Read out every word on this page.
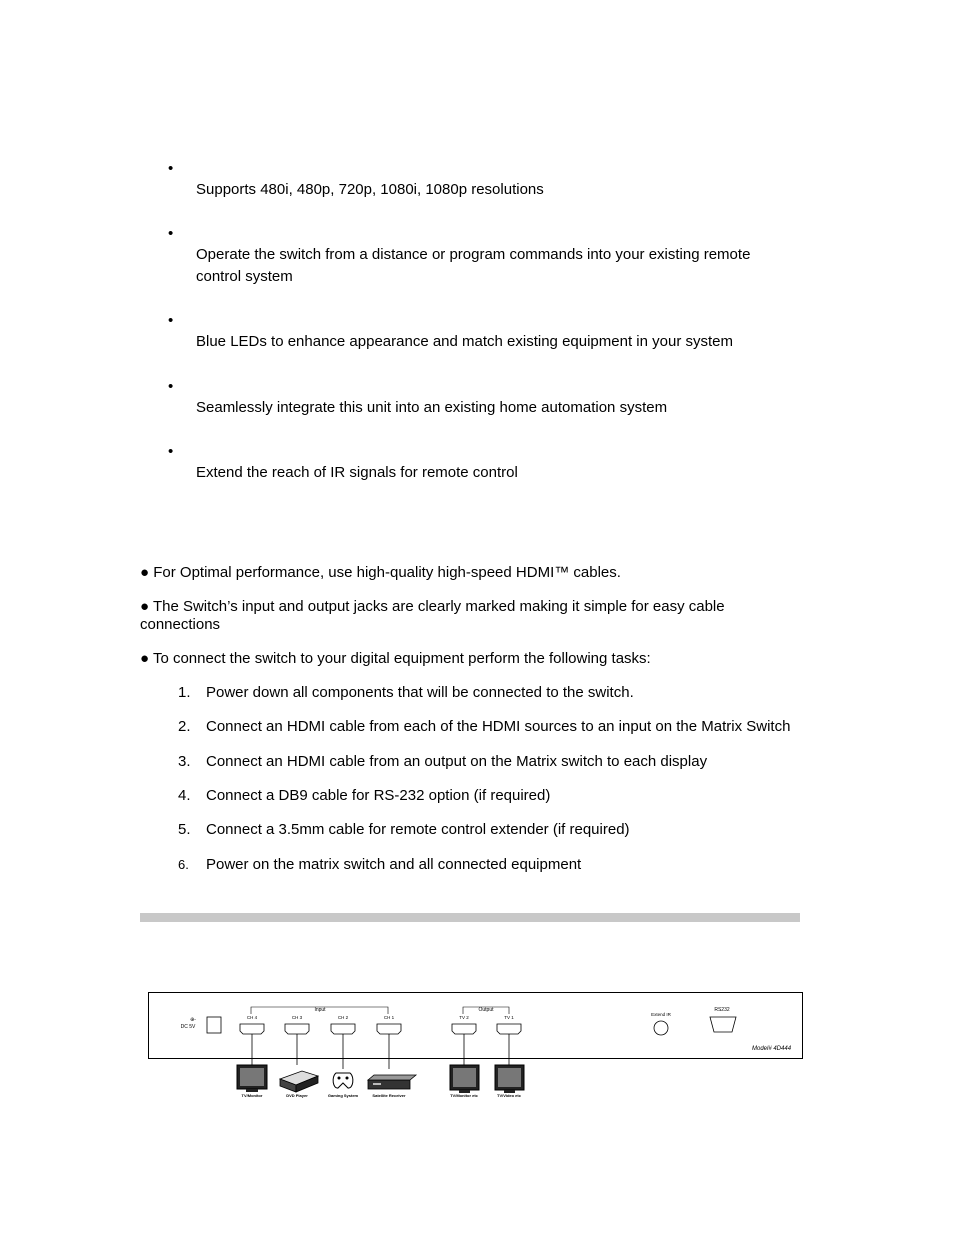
•
Supports 480i, 480p, 720p, 1080i, 1080p resolutions
•
Operate the switch from a distance or program commands into your existing remote control system
•
Blue LEDs to enhance appearance and match existing equipment in your system
•
Seamlessly integrate this unit into an existing home automation system
•
Extend the reach of IR signals for remote control
● For Optimal performance, use high-quality high-speed HDMI™ cables.
● The Switch’s input and output jacks are clearly marked making it simple for easy cable connections
● To connect the switch to your digital equipment perform the following tasks:
1. Power down all components that will be connected to the switch.
2. Connect an HDMI cable from each of the HDMI sources to an input on the Matrix Switch
3. Connect an HDMI cable from an output on the Matrix switch to each display
4. Connect a DB9 cable for RS-232 option (if required)
5. Connect a 3.5mm cable for remote control extender (if required)
6. Power on the matrix switch and all connected equipment
DC 5V
⊕-
Input
CH 4	CH 3	CH 2	CH 1
Output
TV 2	TV 1
Extend IR
RS232
Model# 4D444
TV/Monitor	DVD Player	Gaming System	Satellite Receiver	TV/Monitor etc	TV/Video etc
